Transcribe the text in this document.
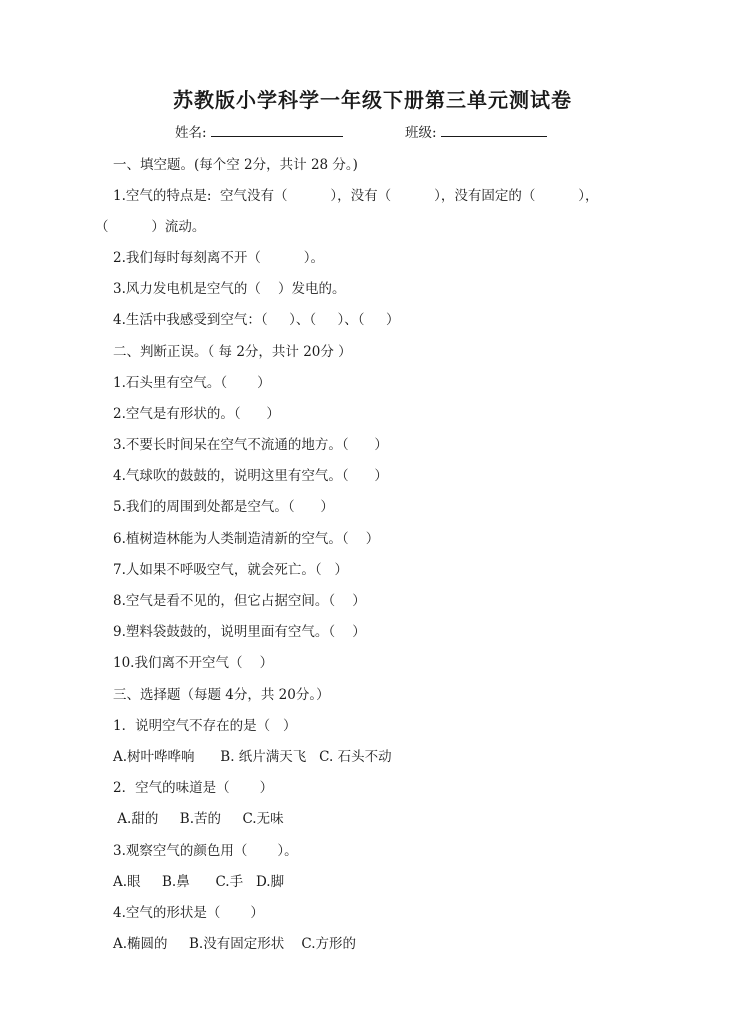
苏教版小学科学一年级下册第三单元测试卷
姓名:	班级:
一、填空题。(每个空 2分，共计 28 分。)
1.空气的特点是:  空气没有（          ），没有（          ），没有固定的（          ），
（          ）流动。
2.我们每时每刻离不开（          ）。
3.风力发电机是空气的（    ）发电的。
4.生活中我感受到空气：（     ）、（     ）、（     ）
二、判断正误。（ 每 2分，共计 20分 ）
1.石头里有空气。（       ）
2.空气是有形状的。（      ）
3.不要长时间呆在空气不流通的地方。（      ）
4.气球吹的鼓鼓的，说明这里有空气。（      ）
5.我们的周围到处都是空气。（      ）
6.植树造林能为人类制造清新的空气。（    ）
7.人如果不呼吸空气，就会死亡。（   ）
8.空气是看不见的，但它占据空间。（    ）
9.塑料袋鼓鼓的，说明里面有空气。（    ）
10.我们离不开空气（    ）
三、选择题（每题 4分，共 20分。）
1．说明空气不存在的是（   ）
A.树叶哗哗响      B. 纸片满天飞   C. 石头不动
2．空气的味道是（       ）
A.甜的     B.苦的     C.无味
3.观察空气的颜色用（       ）。
A.眼     B.鼻      C.手   D.脚
4.空气的形状是（       ）
A.椭圆的     B.没有固定形状    C.方形的
